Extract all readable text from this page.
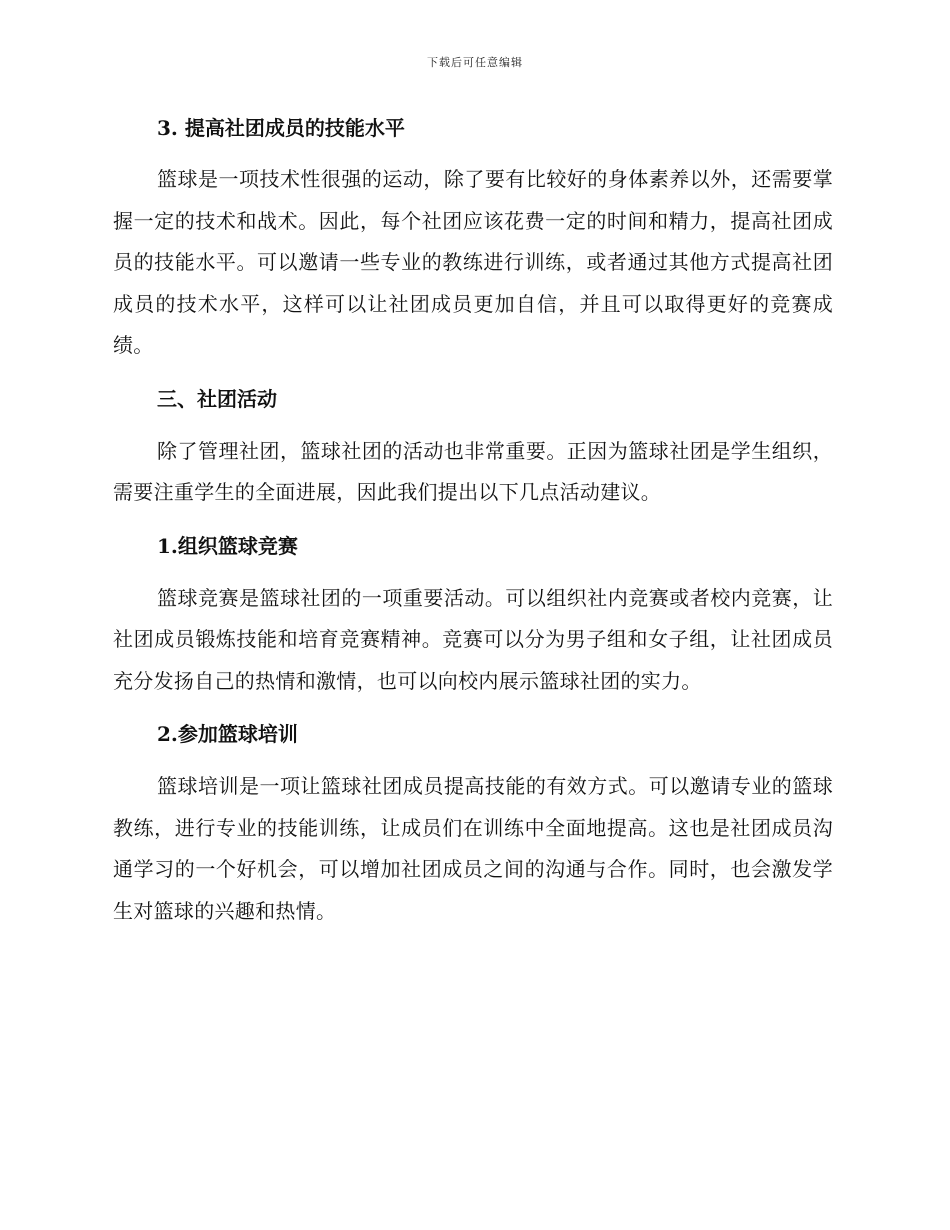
下载后可任意编辑

3. 提高社团成员的技能水平

篮球是一项技术性很强的运动，除了要有比较好的身体素养以外，还需要掌握一定的技术和战术。因此，每个社团应该花费一定的时间和精力，提高社团成员的技能水平。可以邀请一些专业的教练进行训练，或者通过其他方式提高社团成员的技术水平，这样可以让社团成员更加自信，并且可以取得更好的竞赛成绩。

三、社团活动

除了管理社团，篮球社团的活动也非常重要。正因为篮球社团是学生组织，需要注重学生的全面进展，因此我们提出以下几点活动建议。

1.组织篮球竞赛

篮球竞赛是篮球社团的一项重要活动。可以组织社内竞赛或者校内竞赛，让社团成员锻炼技能和培育竞赛精神。竞赛可以分为男子组和女子组，让社团成员充分发扬自己的热情和激情，也可以向校内展示篮球社团的实力。

2.参加篮球培训

篮球培训是一项让篮球社团成员提高技能的有效方式。可以邀请专业的篮球教练，进行专业的技能训练，让成员们在训练中全面地提高。这也是社团成员沟通学习的一个好机会，可以增加社团成员之间的沟通与合作。同时，也会激发学生对篮球的兴趣和热情。
